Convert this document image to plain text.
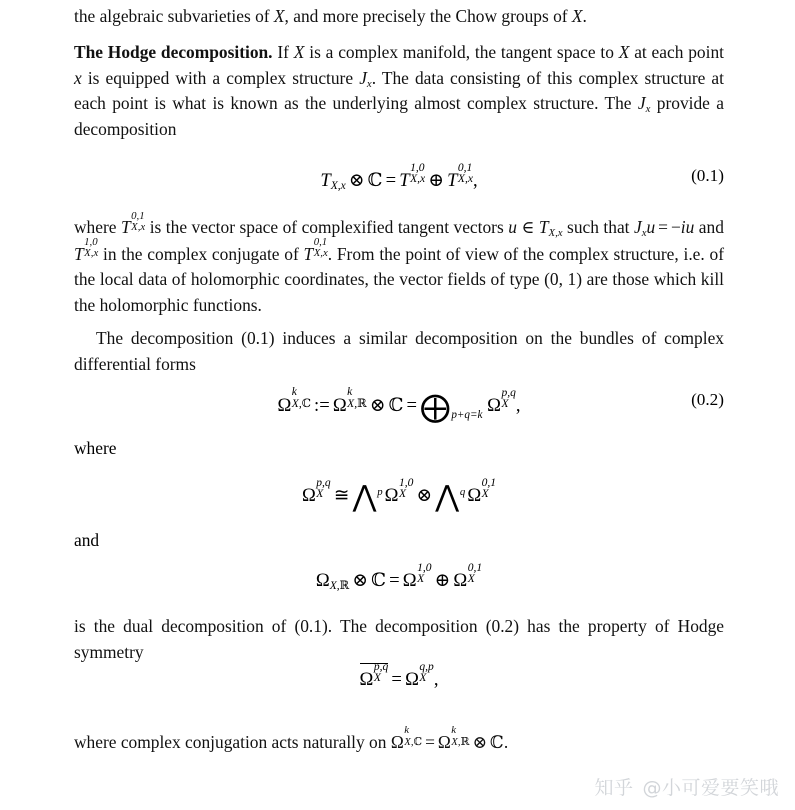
the algebraic subvarieties of X, and more precisely the Chow groups of X.

The Hodge decomposition. If X is a complex manifold, the tangent space to X at each point x is equipped with a complex structure $J_x$. The data consisting of this complex structure at each point is what is known as the underlying almost complex structure. The $J_x$ provide a decomposition

$T_{X,x}$ ⊗ ℂ = T
1,0
X,x ⊕ T
0,1
X,x ,	(0.1)

where T
0,1
X,x is the vector space of complexified tangent vectors u ∈ $T_{X,x}$ such that $J_xu = -iu$ and T
1,0
X,x in the complex conjugate of T
0,1
X,x . From the point of view of the complex structure, i.e. of the local data of holomorphic coordinates, the vector fields of type (0, 1) are those which kill the holomorphic functions.

The decomposition (0.1) induces a similar decomposition on the bundles of complex differential forms

Ω
k
X,ℂ := Ω
k
X,ℝ ⊗ ℂ = ⨁p+q=k Ω
p,q
X ,	(0.2)
where
Ω
p,q
X ≅ ⋀p Ω
1,0
X ⊗ ⋀q Ω
0,1
X
and
$\Omega_{X,ℝ}$ ⊗ ℂ = Ω
1,0
X ⊕ Ω
0,1
X

is the dual decomposition of (0.1). The decomposition (0.2) has the property of Hodge symmetry

Ω
p,q
X = Ω
q,p
X ,

where complex conjugation acts naturally on Ω
k
X,ℂ = Ω
k
X,ℝ ⊗ ℂ.

知乎 @小可爱要笑哦
